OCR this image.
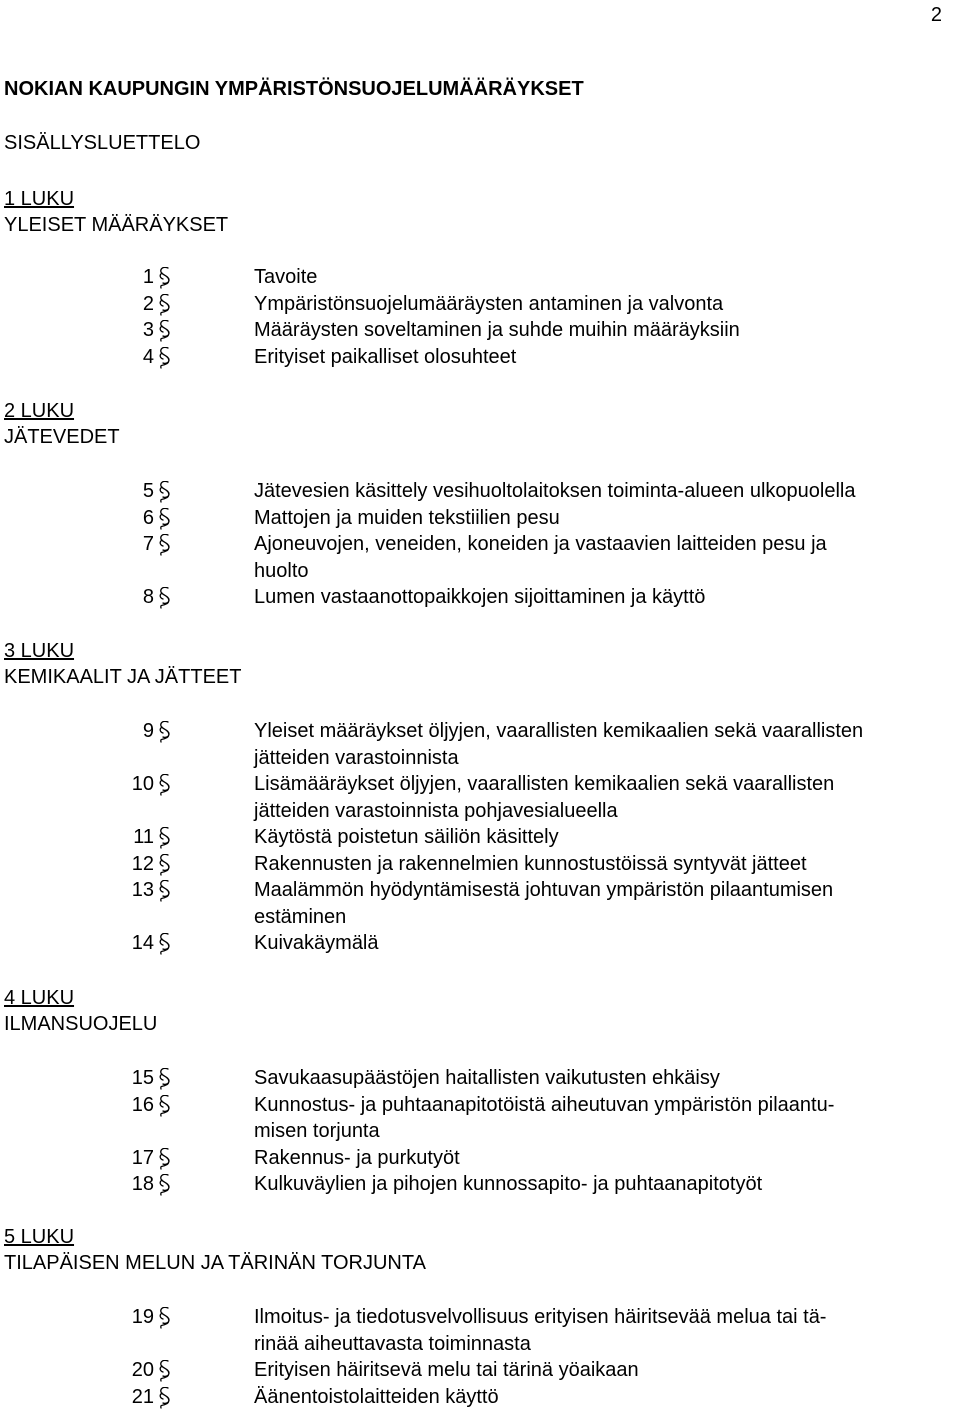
2
NOKIAN KAUPUNGIN YMPÄRISTÖNSUOJELUMÄÄRÄYKSET
SISÄLLYSLUETTELO
1 LUKU
YLEISET MÄÄRÄYKSET
1	Tavoite
2	Ympäristönsuojelumääräysten antaminen ja valvonta
3	Määräysten soveltaminen ja suhde muihin määräyksiin
4	Erityiset paikalliset olosuhteet
2 LUKU
JÄTEVEDET
5	Jätevesien käsittely vesihuoltolaitoksen toiminta-alueen ulkopuolella
6	Mattojen ja muiden tekstiilien pesu
7	Ajoneuvojen, veneiden, koneiden ja vastaavien laitteiden pesu ja
huolto
8	Lumen vastaanottopaikkojen sijoittaminen ja käyttö
3 LUKU
KEMIKAALIT JA JÄTTEET
9	Yleiset määräykset öljyjen, vaarallisten kemikaalien sekä vaarallisten
jätteiden varastoinnista
10	Lisämääräykset öljyjen, vaarallisten kemikaalien sekä vaarallisten
jätteiden varastoinnista pohjavesialueella
11	Käytöstä poistetun säiliön käsittely
12	Rakennusten ja rakennelmien kunnostustöissä syntyvät jätteet
13	Maalämmön hyödyntämisestä johtuvan ympäristön pilaantumisen
estäminen
14	Kuivakäymälä
4 LUKU
ILMANSUOJELU
15	Savukaasupäästöjen haitallisten vaikutusten ehkäisy
16	Kunnostus- ja puhtaanapitotöistä aiheutuvan ympäristön pilaantu-
misen torjunta
17	Rakennus- ja purkutyöt
18	Kulkuväylien ja pihojen kunnossapito- ja puhtaanapitotyöt
5 LUKU
TILAPÄISEN MELUN JA TÄRINÄN TORJUNTA
19	Ilmoitus- ja tiedotusvelvollisuus erityisen häiritsevää melua tai tä-
rinää aiheuttavasta toiminnasta
20	Erityisen häiritsevä melu tai tärinä yöaikaan
21	Äänentoistolaitteiden käyttö
